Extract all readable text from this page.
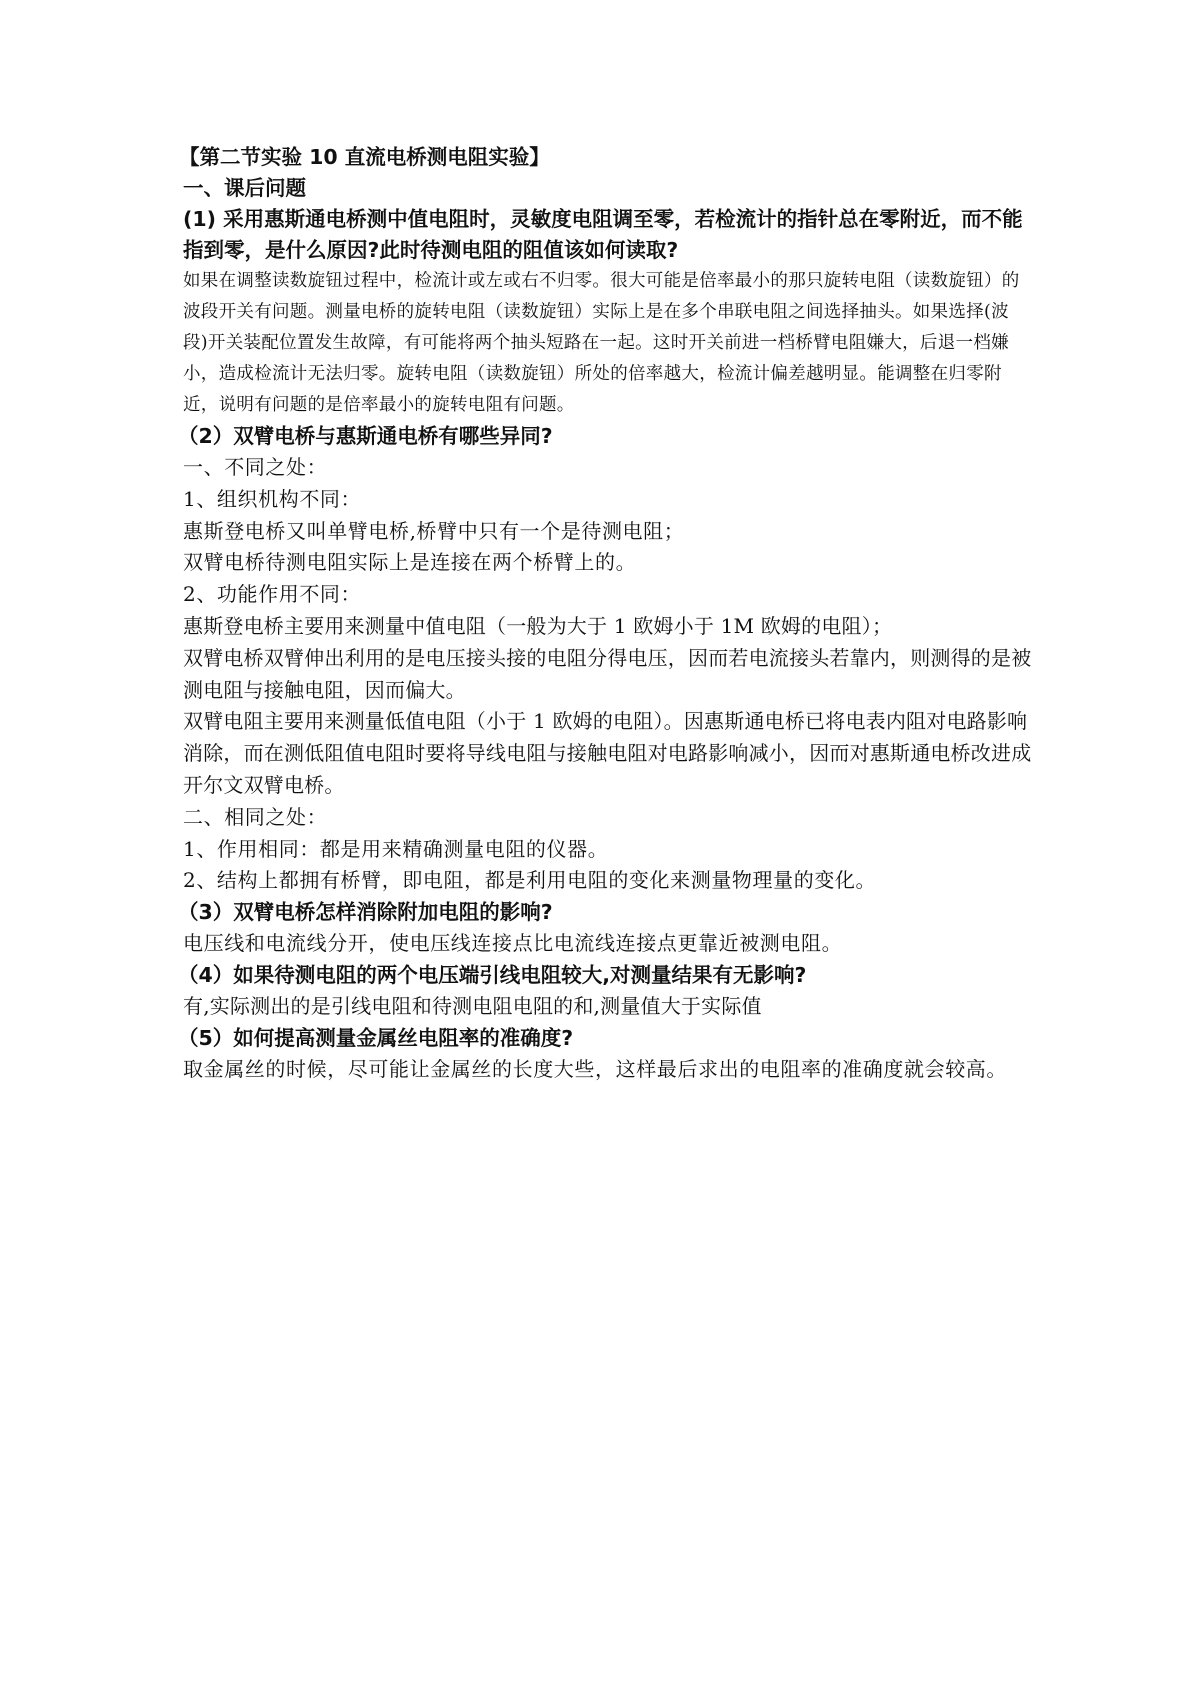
【第二节实验 10 直流电桥测电阻实验】

一、课后问题

(1) 采用惠斯通电桥测中值电阻时，灵敏度电阻调至零，若检流计的指针总在零附近，而不能指到零，是什么原因?此时待测电阻的阻值该如何读取?

如果在调整读数旋钮过程中，检流计或左或右不归零。很大可能是倍率最小的那只旋转电阻（读数旋钮）的波段开关有问题。测量电桥的旋转电阻（读数旋钮）实际上是在多个串联电阻之间选择抽头。如果选择(波段)开关装配位置发生故障，有可能将两个抽头短路在一起。这时开关前进一档桥臂电阻嫌大，后退一档嫌小，造成检流计无法归零。旋转电阻（读数旋钮）所处的倍率越大，检流计偏差越明显。能调整在归零附近，说明有问题的是倍率最小的旋转电阻有问题。

（2）双臂电桥与惠斯通电桥有哪些异同?

一、不同之处：

1、组织机构不同：

惠斯登电桥又叫单臂电桥,桥臂中只有一个是待测电阻；

双臂电桥待测电阻实际上是连接在两个桥臂上的。

2、功能作用不同：

惠斯登电桥主要用来测量中值电阻（一般为大于 1 欧姆小于 1M 欧姆的电阻）；

双臂电桥双臂伸出利用的是电压接头接的电阻分得电压，因而若电流接头若靠内，则测得的是被测电阻与接触电阻，因而偏大。

双臂电阻主要用来测量低值电阻（小于 1 欧姆的电阻）。因惠斯通电桥已将电表内阻对电路影响消除，而在测低阻值电阻时要将导线电阻与接触电阻对电路影响减小，因而对惠斯通电桥改进成开尔文双臂电桥。

二、相同之处：

1、作用相同：都是用来精确测量电阻的仪器。

2、结构上都拥有桥臂，即电阻，都是利用电阻的变化来测量物理量的变化。

（3）双臂电桥怎样消除附加电阻的影响?

电压线和电流线分开，使电压线连接点比电流线连接点更靠近被测电阻。

（4）如果待测电阻的两个电压端引线电阻较大,对测量结果有无影响?

有,实际测出的是引线电阻和待测电阻电阻的和,测量值大于实际值

（5）如何提高测量金属丝电阻率的准确度?

取金属丝的时候，尽可能让金属丝的长度大些，这样最后求出的电阻率的准确度就会较高。
